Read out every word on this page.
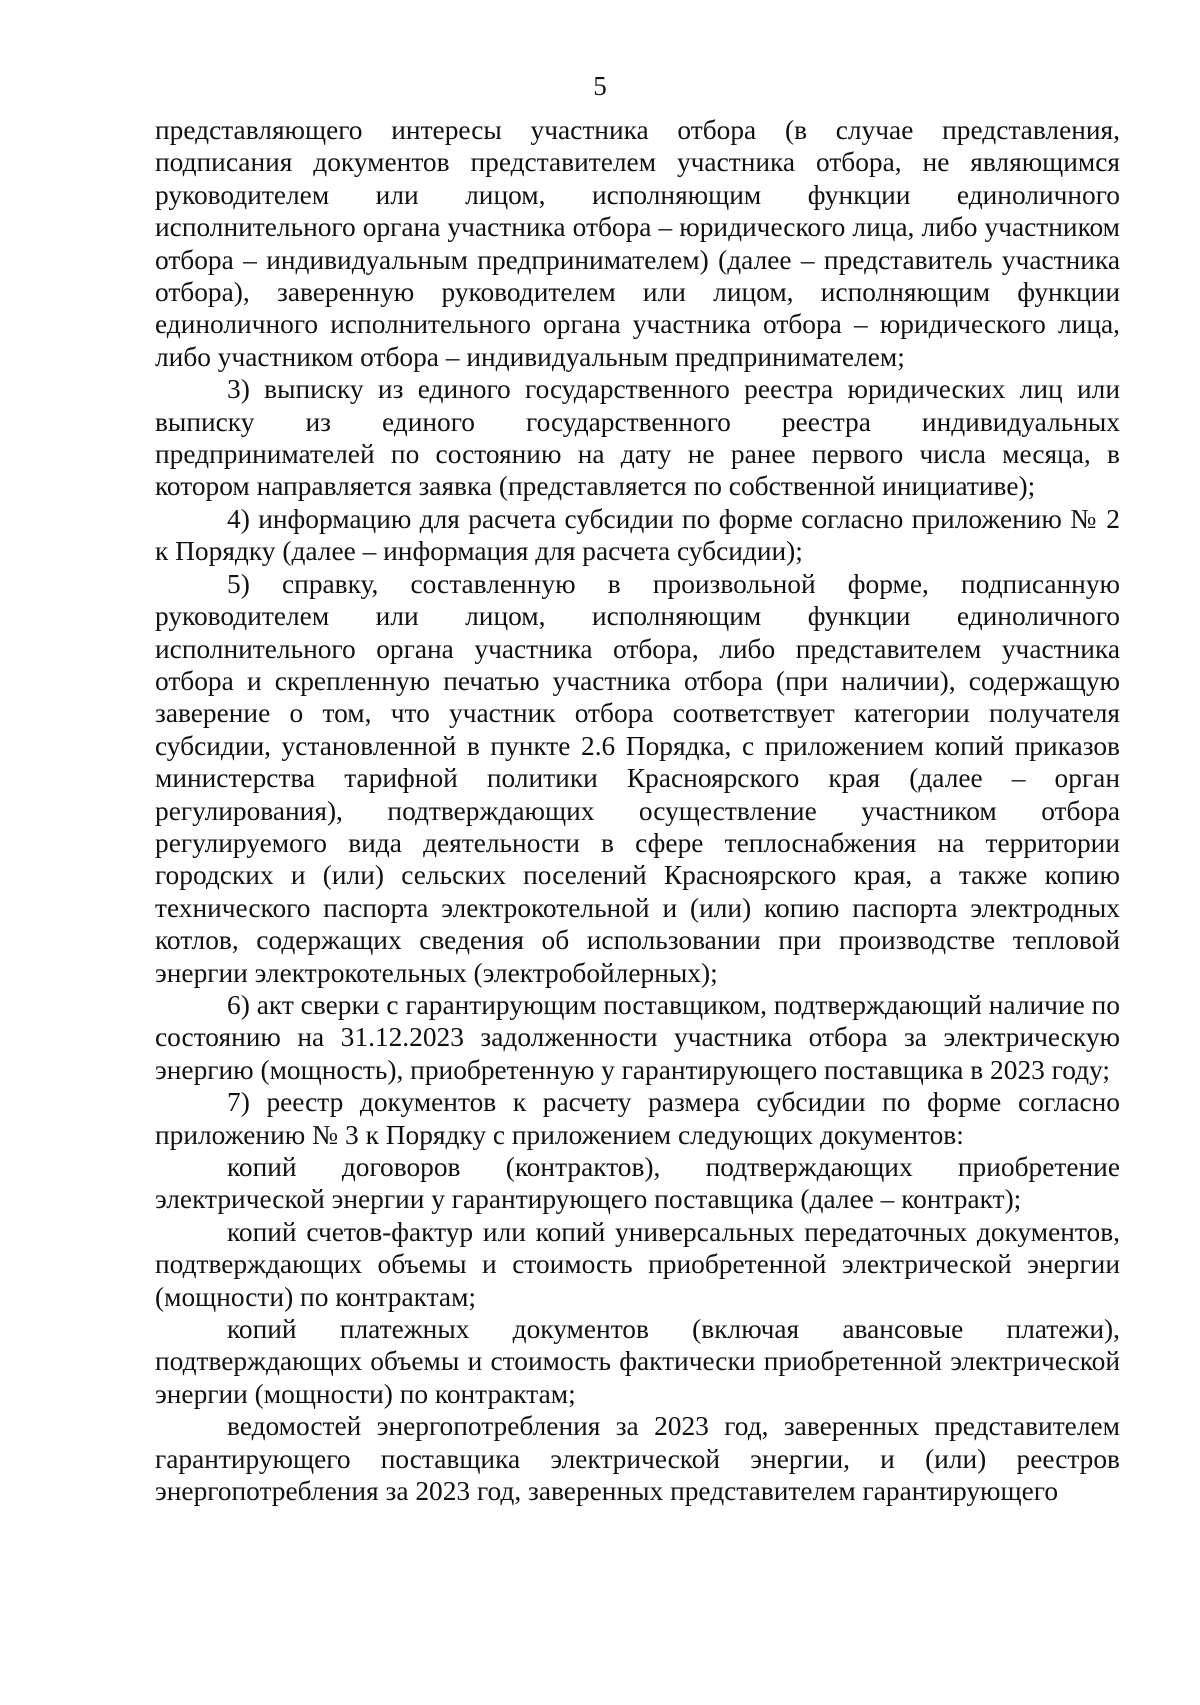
5

представляющего интересы участника отбора (в случае представления, подписания документов представителем участника отбора, не являющимся руководителем или лицом, исполняющим функции единоличного исполнительного органа участника отбора – юридического лица, либо участником отбора – индивидуальным предпринимателем) (далее – представитель участника отбора), заверенную руководителем или лицом, исполняющим функции единоличного исполнительного органа участника отбора – юридического лица, либо участником отбора – индивидуальным предпринимателем;

3) выписку из единого государственного реестра юридических лиц или выписку из единого государственного реестра индивидуальных предпринимателей по состоянию на дату не ранее первого числа месяца, в котором направляется заявка (представляется по собственной инициативе);

4) информацию для расчета субсидии по форме согласно приложению № 2 к Порядку (далее – информация для расчета субсидии);

5) справку, составленную в произвольной форме, подписанную руководителем или лицом, исполняющим функции единоличного исполнительного органа участника отбора, либо представителем участника отбора и скрепленную печатью участника отбора (при наличии), содержащую заверение о том, что участник отбора соответствует категории получателя субсидии, установленной в пункте 2.6 Порядка, с приложением копий приказов министерства тарифной политики Красноярского края (далее – орган регулирования), подтверждающих осуществление участником отбора регулируемого вида деятельности в сфере теплоснабжения на территории городских и (или) сельских поселений Красноярского края, а также копию технического паспорта электрокотельной и (или) копию паспорта электродных котлов, содержащих сведения об использовании при производстве тепловой энергии электрокотельных (электробойлерных);

6) акт сверки с гарантирующим поставщиком, подтверждающий наличие по состоянию на 31.12.2023 задолженности участника отбора за электрическую энергию (мощность), приобретенную у гарантирующего поставщика в 2023 году;

7) реестр документов к расчету размера субсидии по форме согласно приложению № 3 к Порядку с приложением следующих документов:

копий договоров (контрактов), подтверждающих приобретение электрической энергии у гарантирующего поставщика (далее – контракт);

копий счетов-фактур или копий универсальных передаточных документов, подтверждающих объемы и стоимость приобретенной электрической энергии (мощности) по контрактам;

копий платежных документов (включая авансовые платежи), подтверждающих объемы и стоимость фактически приобретенной электрической энергии (мощности) по контрактам;

ведомостей энергопотребления за 2023 год, заверенных представителем гарантирующего поставщика электрической энергии, и (или) реестров энергопотребления за 2023 год, заверенных представителем гарантирующего
